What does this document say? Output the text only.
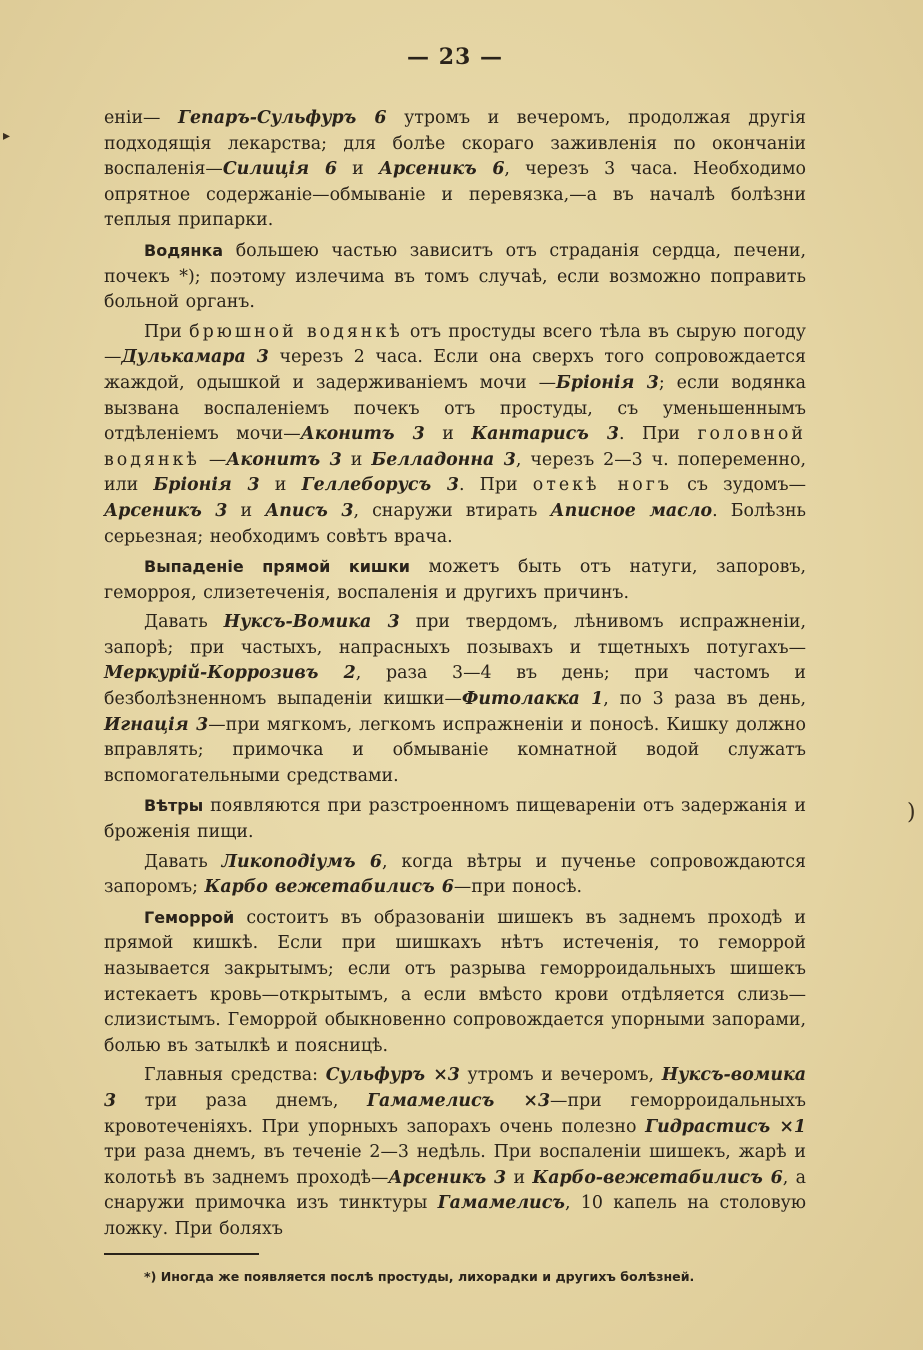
▸
)
— 23 —

еніи— Гепаръ-Сульфуръ 6 утромъ и вечеромъ, продолжая другія подходящія лекарства; для болѣе скораго заживленія по окончаніи воспаленія—Силиція 6 и Арсеникъ 6, черезъ 3 часа. Необходимо опрятное содержаніе—обмываніе и перевязка,—а въ началѣ болѣзни теплыя припарки.

Водянка большею частью зависитъ отъ страданія сердца, печени, почекъ *); поэтому излечима въ томъ случаѣ, если возможно поправить больной органъ.

При брюшной водянкѣ отъ простуды всего тѣла въ сырую погоду—Дулькамара 3 черезъ 2 часа. Если она сверхъ того сопровождается жаждой, одышкой и задерживаніемъ мочи —Бріонія 3; если водянка вызвана воспаленіемъ почекъ отъ простуды, съ уменьшеннымъ отдѣленіемъ мочи—Аконитъ 3 и Кантарисъ 3. При головной водянкѣ —Аконитъ 3 и Белладонна 3, черезъ 2—3 ч. попеременно, или Бріонія 3 и Геллеборусъ 3. При отекѣ ногъ съ зудомъ—Арсеникъ 3 и Аписъ 3, снаружи втирать Аписное масло. Болѣзнь серьезная; необходимъ совѣтъ врача.

Выпаденіе прямой кишки можетъ быть отъ натуги, запоровъ, геморроя, слизетеченія, воспаленія и другихъ причинъ.

Давать Нуксъ-Вомика 3 при твердомъ, лѣнивомъ испражненіи, запорѣ; при частыхъ, напрасныхъ позывахъ и тщетныхъ потугахъ—Меркурій-Коррозивъ 2, раза 3—4 въ день; при частомъ и безболѣзненномъ выпаденіи кишки—Фитолакка 1, по 3 раза въ день, Игнація 3—при мягкомъ, легкомъ испражненіи и поносѣ. Кишку должно вправлять; примочка и обмываніе комнатной водой служатъ вспомогательными средствами.

Вѣтры появляются при разстроенномъ пищевареніи отъ задержанія и броженія пищи.

Давать Ликоподіумъ 6, когда вѣтры и пученье сопровождаются запоромъ; Карбо вежетабилисъ 6—при поносѣ.

Геморрой состоитъ въ образованіи шишекъ въ заднемъ проходѣ и прямой кишкѣ. Если при шишкахъ нѣтъ истеченія, то геморрой называется закрытымъ; если отъ разрыва геморроидальныхъ шишекъ истекаетъ кровь—открытымъ, а если вмѣсто крови отдѣляется слизь—слизистымъ. Геморрой обыкновенно сопровождается упорными запорами, болью въ затылкѣ и поясницѣ.

Главныя средства: Сульфуръ ×3 утромъ и вечеромъ, Нуксъ-вомика 3 три раза днемъ, Гамамелисъ ×3—при геморроидальныхъ кровотеченіяхъ. При упорныхъ запорахъ очень полезно Гидрастисъ ×1 три раза днемъ, въ теченіе 2—3 недѣль. При воспаленіи шишекъ, жарѣ и колотьѣ въ заднемъ проходѣ—Арсеникъ 3 и Карбо-вежетабилисъ 6, а снаружи примочка изъ тинктуры Гамамелисъ, 10 капель на столовую ложку. При боляхъ

*) Иногда же появляется послѣ простуды, лихорадки и другихъ болѣзней.
